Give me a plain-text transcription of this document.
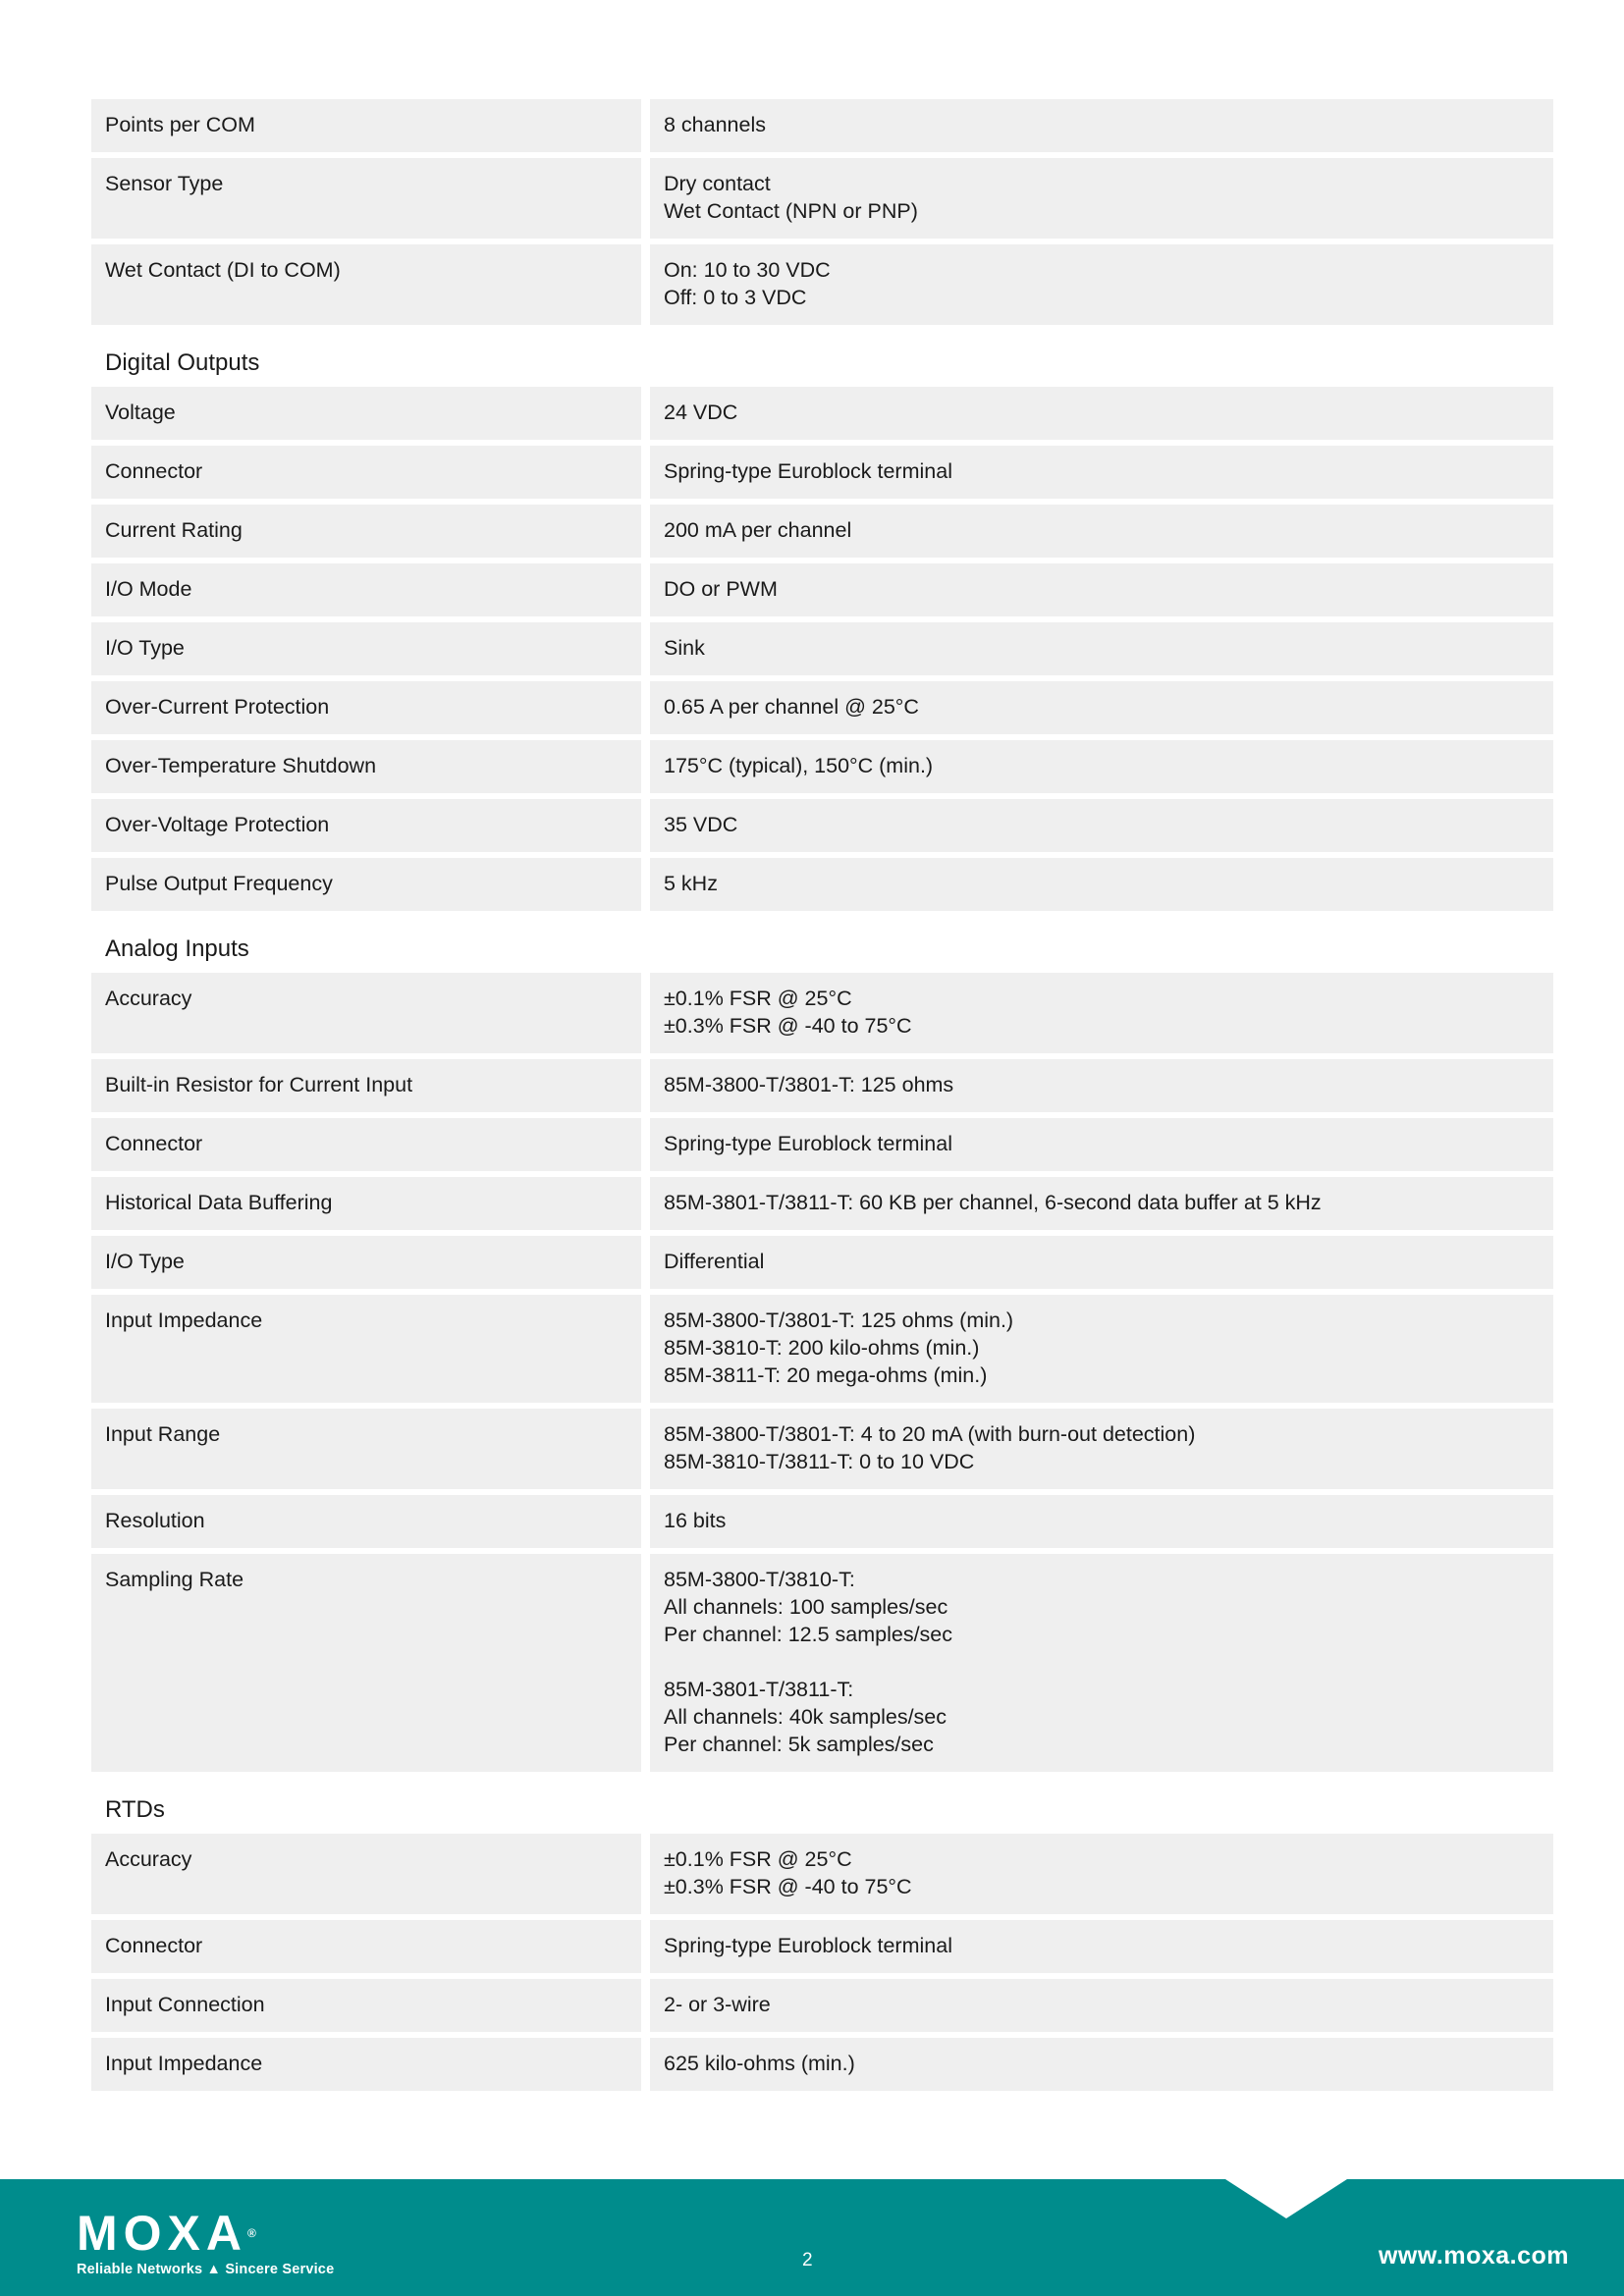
Points per COM	8 channels
Sensor Type	Dry contact
Wet Contact (NPN or PNP)
Wet Contact (DI to COM)	On: 10 to 30 VDC
Off: 0 to 3 VDC
Digital Outputs
Voltage	24 VDC
Connector	Spring-type Euroblock terminal
Current Rating	200 mA per channel
I/O Mode	DO or PWM
I/O Type	Sink
Over-Current Protection	0.65 A per channel @ 25°C
Over-Temperature Shutdown	175°C (typical), 150°C (min.)
Over-Voltage Protection	35 VDC
Pulse Output Frequency	5 kHz
Analog Inputs
Accuracy	±0.1% FSR @ 25°C
±0.3% FSR @ -40 to 75°C
Built-in Resistor for Current Input	85M-3800-T/3801-T: 125 ohms
Connector	Spring-type Euroblock terminal
Historical Data Buffering	85M-3801-T/3811-T: 60 KB per channel, 6-second data buffer at 5 kHz
I/O Type	Differential
Input Impedance	85M-3800-T/3801-T: 125 ohms (min.)
85M-3810-T: 200 kilo-ohms (min.)
85M-3811-T: 20 mega-ohms (min.)
Input Range	85M-3800-T/3801-T: 4 to 20 mA (with burn-out detection)
85M-3810-T/3811-T: 0 to 10 VDC
Resolution	16 bits
Sampling Rate	85M-3800-T/3810-T:
All channels: 100 samples/sec
Per channel: 12.5 samples/sec
85M-3801-T/3811-T:
All channels: 40k samples/sec
Per channel: 5k samples/sec
RTDs
Accuracy	±0.1% FSR @ 25°C
±0.3% FSR @ -40 to 75°C
Connector	Spring-type Euroblock terminal
Input Connection	2- or 3-wire
Input Impedance	625 kilo-ohms (min.)
MOXA®
Reliable Networks ▲ Sincere Service	2	www.moxa.com
